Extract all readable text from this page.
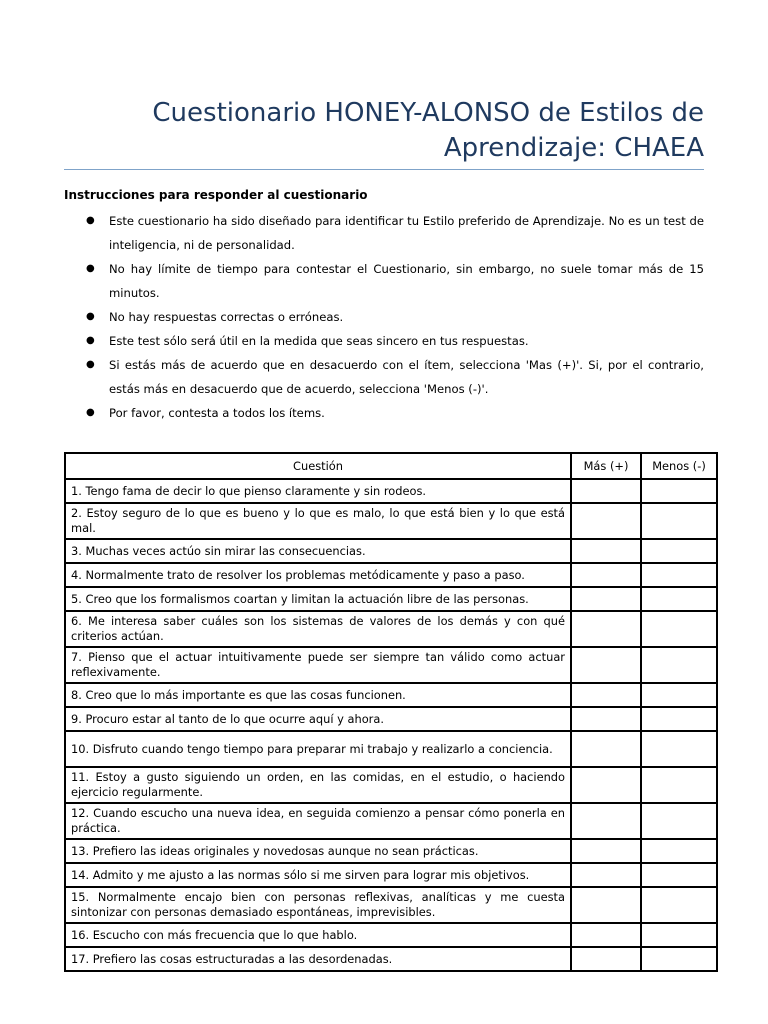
Cuestionario HONEY-ALONSO de Estilos de
Aprendizaje: CHAEA
Instrucciones para responder al cuestionario
● Este cuestionario ha sido diseñado para identificar tu Estilo preferido de Aprendizaje. No es un test de inteligencia, ni de personalidad.
● No hay límite de tiempo para contestar el Cuestionario, sin embargo, no suele tomar más de 15 minutos.
● No hay respuestas correctas o erróneas.
● Este test sólo será útil en la medida que seas sincero en tus respuestas.
● Si estás más de acuerdo que en desacuerdo con el ítem, selecciona 'Mas (+)'. Si, por el contrario, estás más en desacuerdo que de acuerdo, selecciona 'Menos (-)'.
● Por favor, contesta a todos los ítems.
Cuestión	Más (+)	Menos (-)
1. Tengo fama de decir lo que pienso claramente y sin rodeos.		
2. Estoy seguro de lo que es bueno y lo que es malo, lo que está bien y lo que está mal.		
3. Muchas veces actúo sin mirar las consecuencias.		
4. Normalmente trato de resolver los problemas metódicamente y paso a paso.		
5. Creo que los formalismos coartan y limitan la actuación libre de las personas.		
6. Me interesa saber cuáles son los sistemas de valores de los demás y con qué criterios actúan.		
7. Pienso que el actuar intuitivamente puede ser siempre tan válido como actuar reflexivamente.		
8. Creo que lo más importante es que las cosas funcionen.		
9. Procuro estar al tanto de lo que ocurre aquí y ahora.		
10. Disfruto cuando tengo tiempo para preparar mi trabajo y realizarlo a conciencia.		
11. Estoy a gusto siguiendo un orden, en las comidas, en el estudio, o haciendo ejercicio regularmente.		
12. Cuando escucho una nueva idea, en seguida comienzo a pensar cómo ponerla en práctica.		
13. Prefiero las ideas originales y novedosas aunque no sean prácticas.		
14. Admito y me ajusto a las normas sólo si me sirven para lograr mis objetivos.		
15. Normalmente encajo bien con personas reflexivas, analíticas y me cuesta sintonizar con personas demasiado espontáneas, imprevisibles.		
16. Escucho con más frecuencia que lo que hablo.		
17. Prefiero las cosas estructuradas a las desordenadas.		
